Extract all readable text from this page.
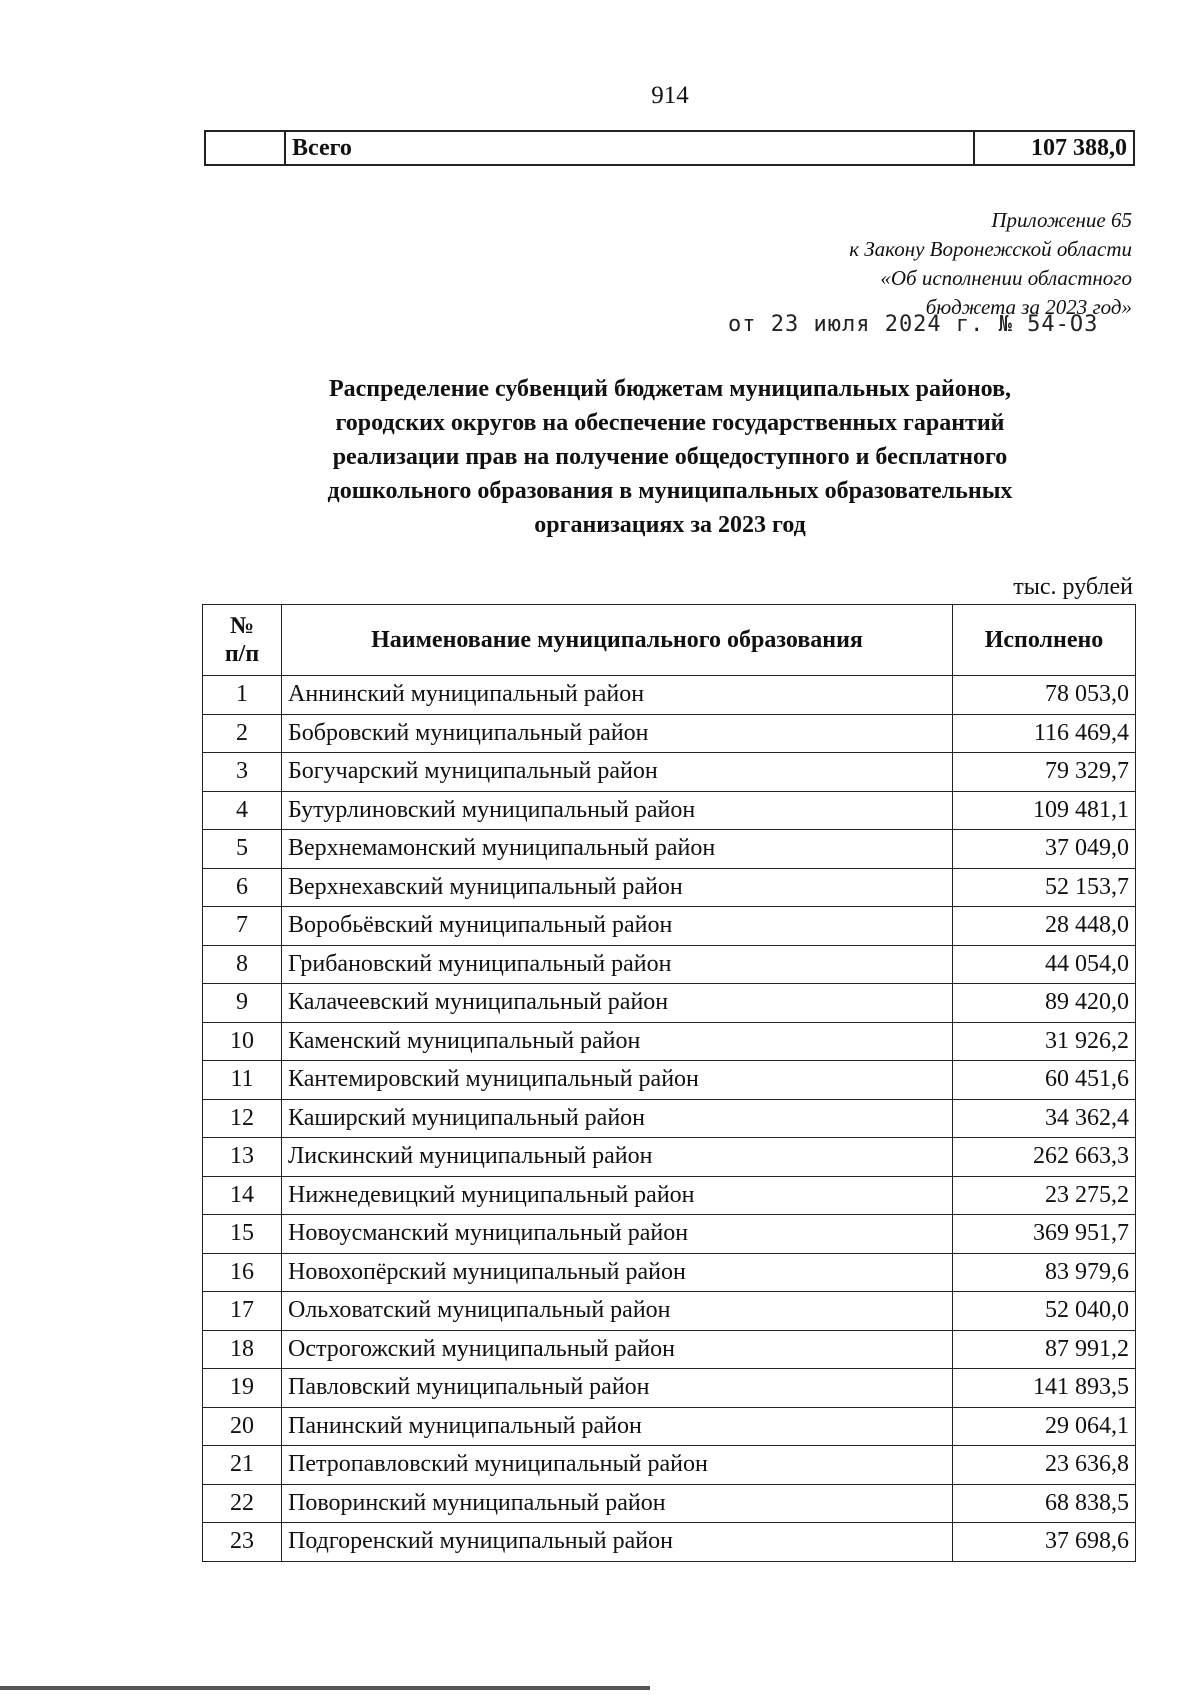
914
	Всего	107 388,0
Приложение 65
к Закону Воронежской области
«Об исполнении областного
бюджета за 2023 год»
от 23 июля 2024 г. № 54-ОЗ
Распределение субвенций бюджетам муниципальных районов,
городских округов на обеспечение государственных гарантий
реализации прав на получение общедоступного и бесплатного
дошкольного образования в муниципальных образовательных
организациях за 2023 год
тыс. рублей
№
п/п	Наименование муниципального образования	Исполнено
1	Аннинский муниципальный район	78 053,0
2	Бобровский муниципальный район	116 469,4
3	Богучарский муниципальный район	79 329,7
4	Бутурлиновский муниципальный район	109 481,1
5	Верхнемамонский муниципальный район	37 049,0
6	Верхнехавский муниципальный район	52 153,7
7	Воробьёвский муниципальный район	28 448,0
8	Грибановский муниципальный район	44 054,0
9	Калачеевский муниципальный район	89 420,0
10	Каменский муниципальный район	31 926,2
11	Кантемировский муниципальный район	60 451,6
12	Каширский муниципальный район	34 362,4
13	Лискинский муниципальный район	262 663,3
14	Нижнедевицкий муниципальный район	23 275,2
15	Новоусманский муниципальный район	369 951,7
16	Новохопёрский муниципальный район	83 979,6
17	Ольховатский муниципальный район	52 040,0
18	Острогожский муниципальный район	87 991,2
19	Павловский муниципальный район	141 893,5
20	Панинский муниципальный район	29 064,1
21	Петропавловский муниципальный район	23 636,8
22	Поворинский муниципальный район	68 838,5
23	Подгоренский муниципальный район	37 698,6
